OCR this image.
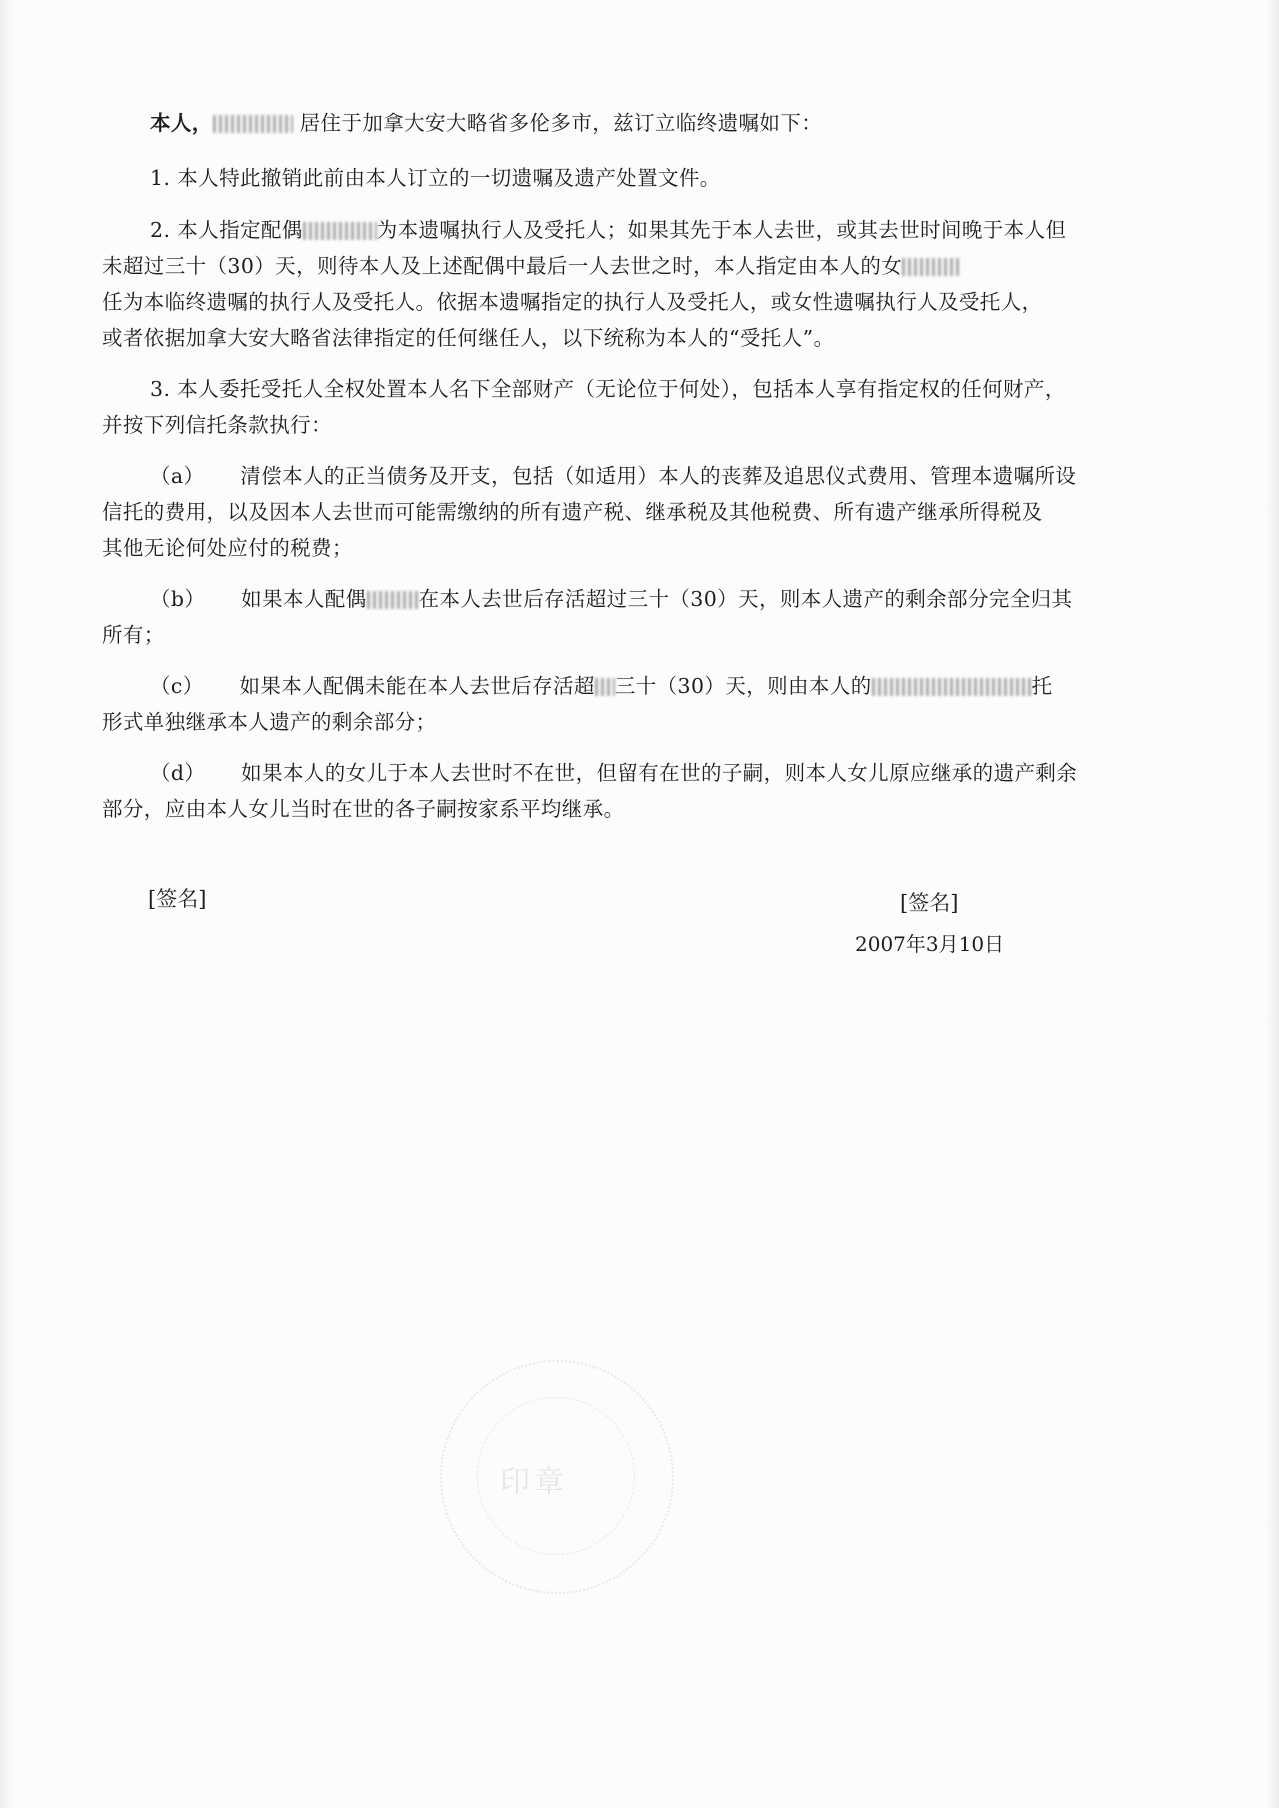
本人，	居住于加拿大安大略省多伦多市，兹订立临终遗嘱如下：
1. 本人特此撤销此前由本人订立的一切遗嘱及遗产处置文件。
2. 本人指定配偶	为本遗嘱执行人及受托人；如果其先于本人去世，或其去世时间晚于本人但
未超过三十（30）天，则待本人及上述配偶中最后一人去世之时，本人指定由本人的女
任为本临终遗嘱的执行人及受托人。依据本遗嘱指定的执行人及受托人，或女性遗嘱执行人及受托人，
或者依据加拿大安大略省法律指定的任何继任人，以下统称为本人的“受托人”。
3. 本人委托受托人全权处置本人名下全部财产（无论位于何处），包括本人享有指定权的任何财产，
并按下列信托条款执行：
（a） 清偿本人的正当债务及开支，包括（如适用）本人的丧葬及追思仪式费用、管理本遗嘱所设
信托的费用，以及因本人去世而可能需缴纳的所有遗产税、继承税及其他税费、所有遗产继承所得税及
其他无论何处应付的税费；
（b） 如果本人配偶	在本人去世后存活超过三十（30）天，则本人遗产的剩余部分完全归其
所有；
（c） 如果本人配偶未能在本人去世后存活超 三十（30）天，则由本人的	托
形式单独继承本人遗产的剩余部分；
（d） 如果本人的女儿于本人去世时不在世，但留有在世的子嗣，则本人女儿原应继承的遗产剩余
部分，应由本人女儿当时在世的各子嗣按家系平均继承。
[签名]	[签名]
2007年3月10日
印章
